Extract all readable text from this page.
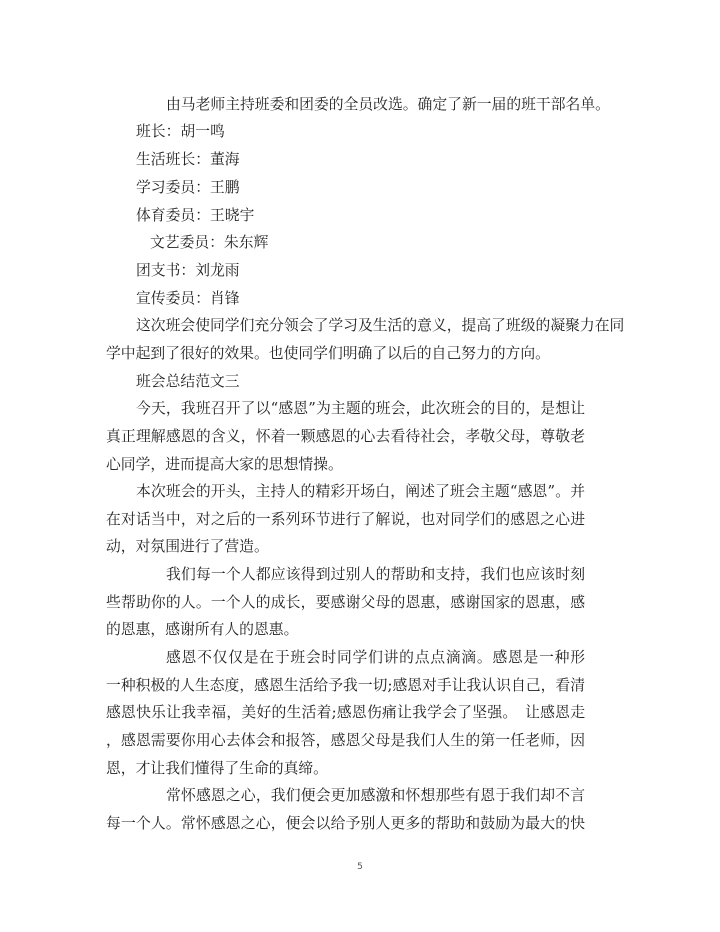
由马老师主持班委和团委的全员改选。确定了新一届的班干部名单。
班长：胡一鸣
生活班长：董海
学习委员：王鹏
体育委员：王晓宇
文艺委员：朱东辉
团支书：刘龙雨
宣传委员：肖锋
这次班会使同学们充分领会了学习及生活的意义，提高了班级的凝聚力在同
学中起到了很好的效果。也使同学们明确了以后的自己努力的方向。
班会总结范文三
今天，我班召开了以“感恩”为主题的班会，此次班会的目的，是想让
真正理解感恩的含义，怀着一颗感恩的心去看待社会，孝敬父母，尊敬老
心同学，进而提高大家的思想情操。
本次班会的开头，主持人的精彩开场白，阐述了班会主题“感恩”。并
在对话当中，对之后的一系列环节进行了解说，也对同学们的感恩之心进
动，对氛围进行了营造。
我们每一个人都应该得到过别人的帮助和支持，我们也应该时刻
些帮助你的人。一个人的成长，要感谢父母的恩惠，感谢国家的恩惠，感
的恩惠，感谢所有人的恩惠。
感恩不仅仅是在于班会时同学们讲的点点滴滴。感恩是一种形
一种积极的人生态度，感恩生活给予我一切;感恩对手让我认识自己，看清
感恩快乐让我幸福，美好的生活着;感恩伤痛让我学会了坚强。　让感恩走
，感恩需要你用心去体会和报答，感恩父母是我们人生的第一任老师，因
恩，才让我们懂得了生命的真缔。
常怀感恩之心，我们便会更加感激和怀想那些有恩于我们却不言
每一个人。常怀感恩之心，便会以给予别人更多的帮助和鼓励为最大的快
5
